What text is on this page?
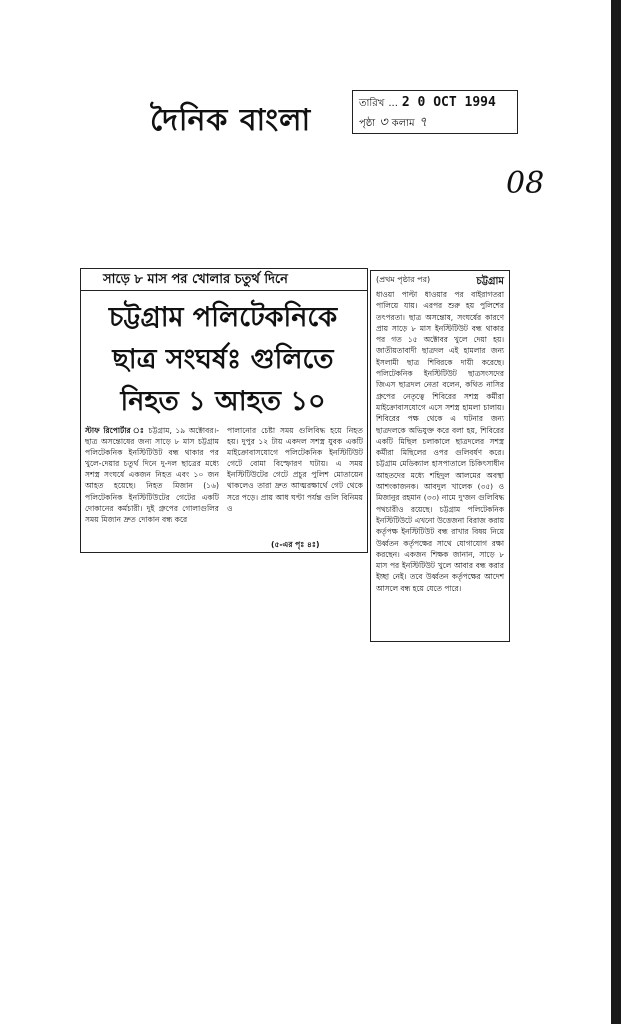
দৈনিক বাংলা	তারিখ ... 2 0 OCT 1994
পৃষ্ঠা ৩ কলাম ৭
08
সাড়ে ৮ মাস পর খোলার চতুর্থ দিনে
চট্টগ্রাম পলিটেকনিকে
ছাত্র সংঘর্ষঃ গুলিতে
নিহত ১ আহত ১০
স্টাফ রিপোর্টার ঃ চট্টগ্রাম, ১৯ অক্টোবর।-ছাত্র অসন্তোষের জন্য সাড়ে ৮ মাস চট্টগ্রাম পলিটেকনিক ইনস্টিটিউট বন্ধ থাকার পর খুলে-দেয়ার চতুর্থ দিনে দু-দল ছাত্রের মধ্যে সশস্ত্র সংঘর্ষে একজন নিহত এবং ১০ জন আহত হয়েছে। নিহত মিজান (১৬) পলিটেকনিক ইনস্টিটিউটের গেটের একটি দোকানের কর্মচারী। দুই গ্রুপের গোলাগুলির সময় মিজান দ্রুত দোকান বন্ধ করে
পালানোর চেষ্টা সময় গুলিবিদ্ধ হয়ে নিহত হয়। দুপুর ১২ টায় একদল সশস্ত্র যুবক একটি মাইক্রোবাসযোগে পলিটেকনিক ইনস্টিটিউট গেটে বোমা বিস্ফোরণ ঘটায়। এ সময় ইনস্টিটিউটের গেটে প্রচুর পুলিশ মোতায়েন থাকলেও তারা দ্রুত আত্মরক্ষার্থে গেট থেকে সরে পড়ে। প্রায় আধ ঘণ্টা পর্যন্ত গুলি বিনিময় ও
(৫-এর পৃঃ ৪ঃ)
(প্রথম পৃষ্ঠার পর)	চট্টগ্রাম
ধাওয়া পাল্টা ধাওয়ার পর বাইরাগতরা পালিয়ে যায়। এরপর শুরু হয় পুলিশের তৎপরতা। ছাত্র অসন্তোষ, সংঘর্ষের কারণে প্রায় সাড়ে ৮ মাস ইনস্টিটিউট বন্ধ থাকার পর গত ১৫ অক্টোবর খুলে দেয়া হয়। জাতীয়তাবাদী ছাত্রদল এই হামলার জন্য ইসলামী ছাত্র শিবিরকে দায়ী করেছে। পলিটেকনিক ইনস্টিটিউট ছাত্রসংসদের জিএস ছাত্রদল নেতা বলেন, কথিত নাসির গ্রুপের নেতৃত্বে শিবিরের সশস্ত্র কর্মীরা মাইক্রোবাসযোগে এসে সশস্ত্র হামলা চালায়। শিবিরের পক্ষ থেকে এ ঘটনার জন্য ছাত্রদলকে অভিযুক্ত করে বলা হয়, শিবিরের একটি মিছিল চলাকালে ছাত্রদলের সশস্ত্র কর্মীরা মিছিলের ওপর গুলিবর্ষণ করে। চট্টগ্রাম মেডিক্যাল হাসপাতালে চিকিৎসাধীন আহতদের মধ্যে শহিদুল আলমের অবস্থা আশংকাজনক। আবদুল খালেক (৩৫) ও মিজানুর রহমান (৩৩) নামে দু'জন গুলিবিদ্ধ পথচারীও রয়েছে। চট্টগ্রাম পলিটেকনিক ইনস্টিটিউটে এখনো উত্তেজনা বিরাজ করায় কর্তৃপক্ষ ইনস্টিটিউট বন্ধ রাখার বিষয় নিয়ে উর্ধ্বতন কর্তৃপক্ষের সাথে যোগাযোগ রক্ষা করছেন। একজন শিক্ষক জানান, সাড়ে ৮ মাস পর ইনস্টিটিউট খুলে আবার বন্ধ করার ইচ্ছা নেই। তবে উর্ধ্বতন কর্তৃপক্ষের আদেশ আসলে বন্ধ হয়ে যেতে পারে।
